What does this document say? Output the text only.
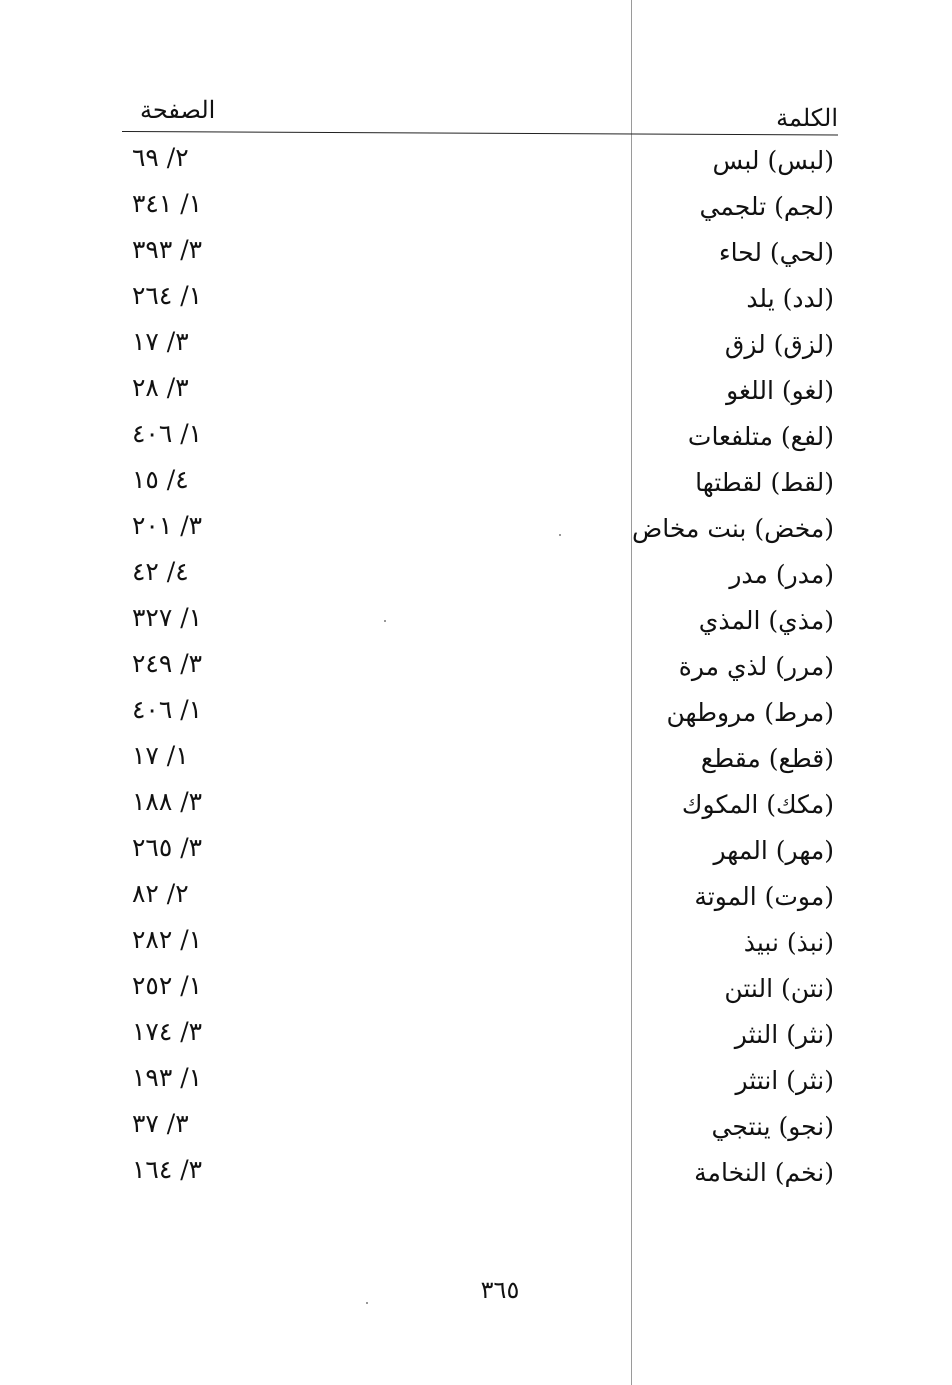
الكلمة
الصفحة
(لبس) لبس
٢/ ٦٩
(لجم) تلجمي
١/ ٣٤١
(لحي) لحاء
٣/ ٣٩٣
(لدد) يلد
١/ ٢٦٤
(لزق) لزق
٣/ ١٧
(لغو) اللغو
٣/ ٢٨
(لفع) متلفعات
١/ ٤٠٦
(لقط) لقطتها
٤/ ١٥
(مخض) بنت مخاض
٣/ ٢٠١
(مدر) مدر
٤/ ٤٢
(مذي) المذي
١/ ٣٢٧
(مرر) لذي مرة
٣/ ٢٤٩
(مرط) مروطهن
١/ ٤٠٦
(قطع) مقطع
١/ ١٧
(مكك) المكوك
٣/ ١٨٨
(مهر) المهر
٣/ ٢٦٥
(موت) الموتة
٢/ ٨٢
(نبذ) نبيذ
١/ ٢٨٢
(نتن) النتن
١/ ٢٥٢
(نثر) النثر
٣/ ١٧٤
(نثر) انتثر
١/ ١٩٣
(نجو) ينتجي
٣/ ٣٧
(نخم) النخامة
٣/ ١٦٤
٣٦٥
